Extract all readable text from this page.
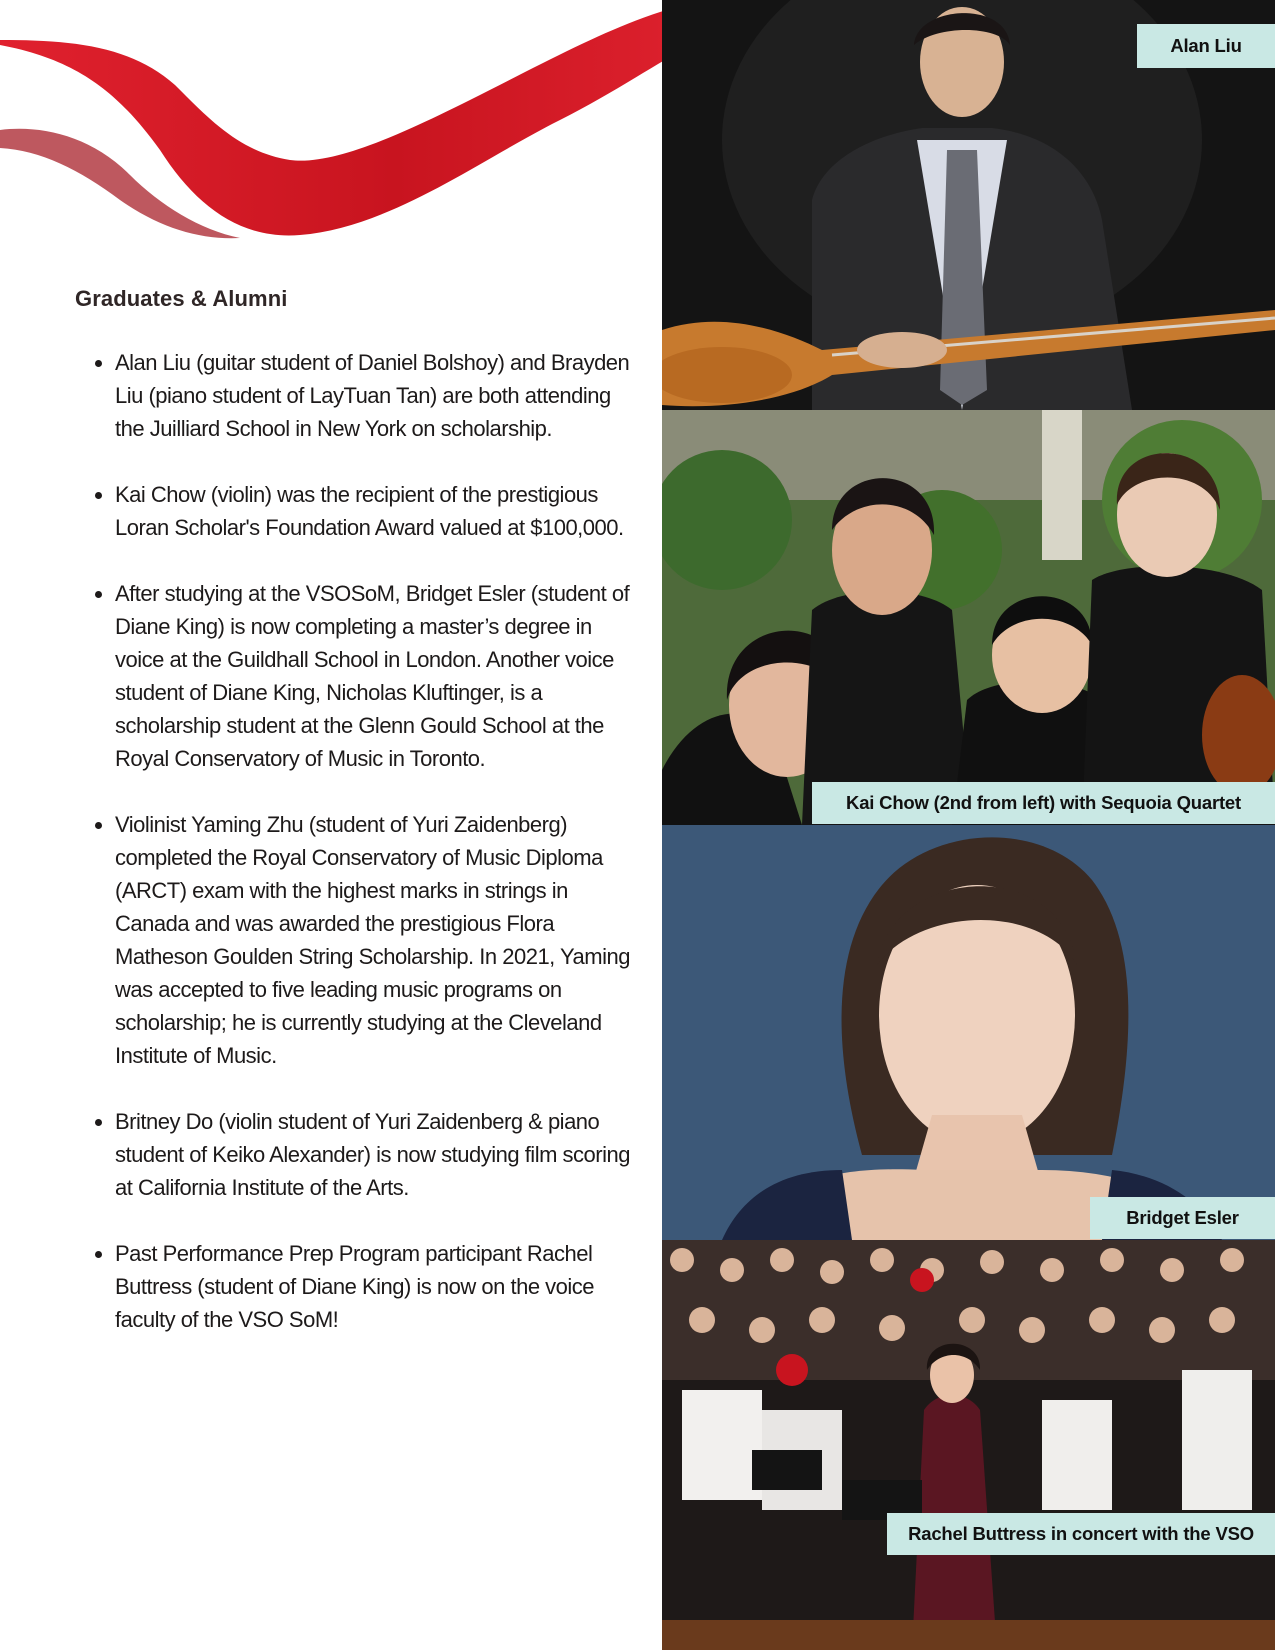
Graduates & Alumni
• Alan Liu (guitar student of Daniel Bolshoy) and Brayden Liu (piano student of LayTuan Tan) are both attending the Juilliard School in New York on scholarship.
• Kai Chow (violin) was the recipient of the prestigious Loran Scholar's Foundation Award valued at $100,000.
• After studying at the VSOSoM, Bridget Esler (student of Diane King) is now completing a master’s degree in voice at the Guildhall School in London. Another voice student of Diane King, Nicholas Kluftinger, is a scholarship student at the Glenn Gould School at the Royal Conservatory of Music in Toronto.
• Violinist Yaming Zhu (student of Yuri Zaidenberg) completed the Royal Conservatory of Music Diploma (ARCT) exam with the highest marks in strings in Canada and was awarded the prestigious Flora Matheson Goulden String Scholarship. In 2021, Yaming was accepted to five leading music programs on scholarship; he is currently studying at the Cleveland Institute of Music.
• Britney Do (violin student of Yuri Zaidenberg & piano student of Keiko Alexander) is now studying film scoring at California Institute of the Arts.
• Past Performance Prep Program participant Rachel Buttress (student of Diane King) is now on the voice faculty of the VSO SoM!
Alan Liu
Kai Chow (2nd from left) with Sequoia Quartet
Bridget Esler
Rachel Buttress in concert with the VSO
